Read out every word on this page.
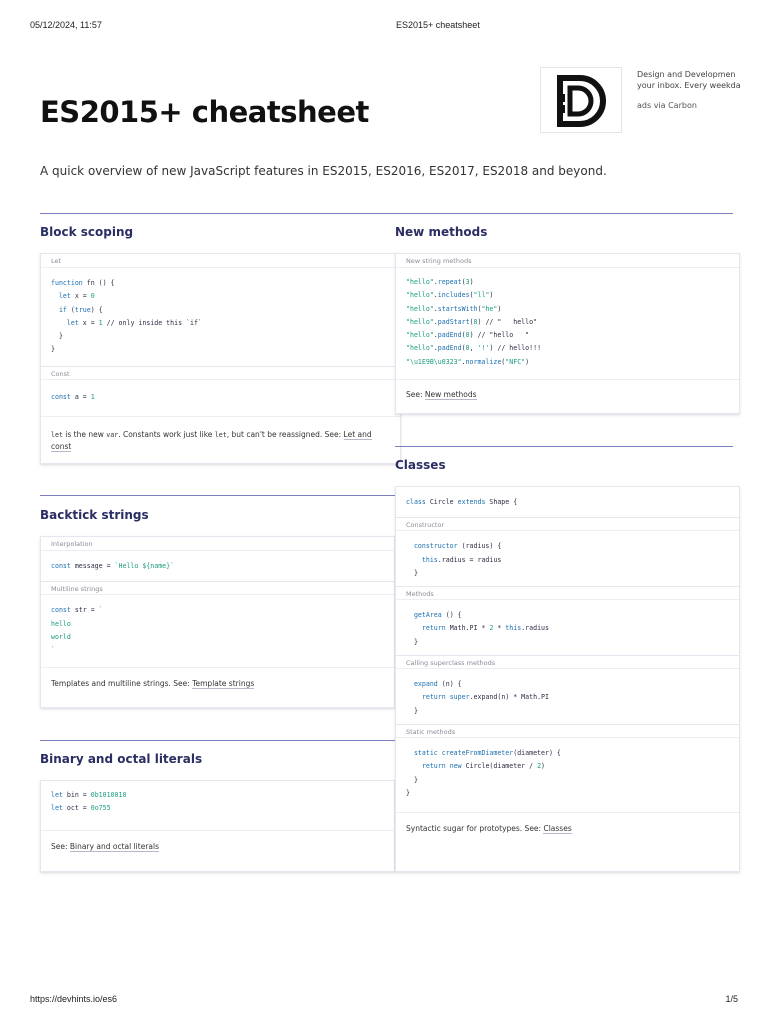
05/12/2024, 11:57	ES2015+ cheatsheet
ES2015+ cheatsheet

A quick overview of new JavaScript features in ES2015, ES2016, ES2017, ES2018 and beyond.

Design and Developmen
your inbox. Every weekda
ads via Carbon
Block scoping
Let
function fn () {
let x = 0
if (true) {
let x = 1 // only inside this `if`
}
}
Const
const a = 1
let is the new var. Constants work just like let, but can't be reassigned. See: Let and
const
Backtick strings
Interpolation
const message = `Hello ${name}`
Multiline strings
const str = `
hello
world
`
Templates and multiline strings. See: Template strings
Binary and octal literals
let bin = 0b1010010
let oct = 0o755
See: Binary and octal literals
New methods
New string methods
"hello".repeat(3)
"hello".includes("ll")
"hello".startsWith("he")
"hello".padStart(8) // "   hello"
"hello".padEnd(8) // "hello   "
"hello".padEnd(8, '!') // hello!!!
"\u1E9B\u0323".normalize("NFC")
See: New methods
Classes
class Circle extends Shape {
Constructor
constructor (radius) {
this.radius = radius
}
Methods
getArea () {
return Math.PI * 2 * this.radius
}
Calling superclass methods
expand (n) {
return super.expand(n) * Math.PI
}
Static methods
static createFromDiameter(diameter) {
return new Circle(diameter / 2)
}
}
Syntactic sugar for prototypes. See: Classes
https://devhints.io/es6	1/5
